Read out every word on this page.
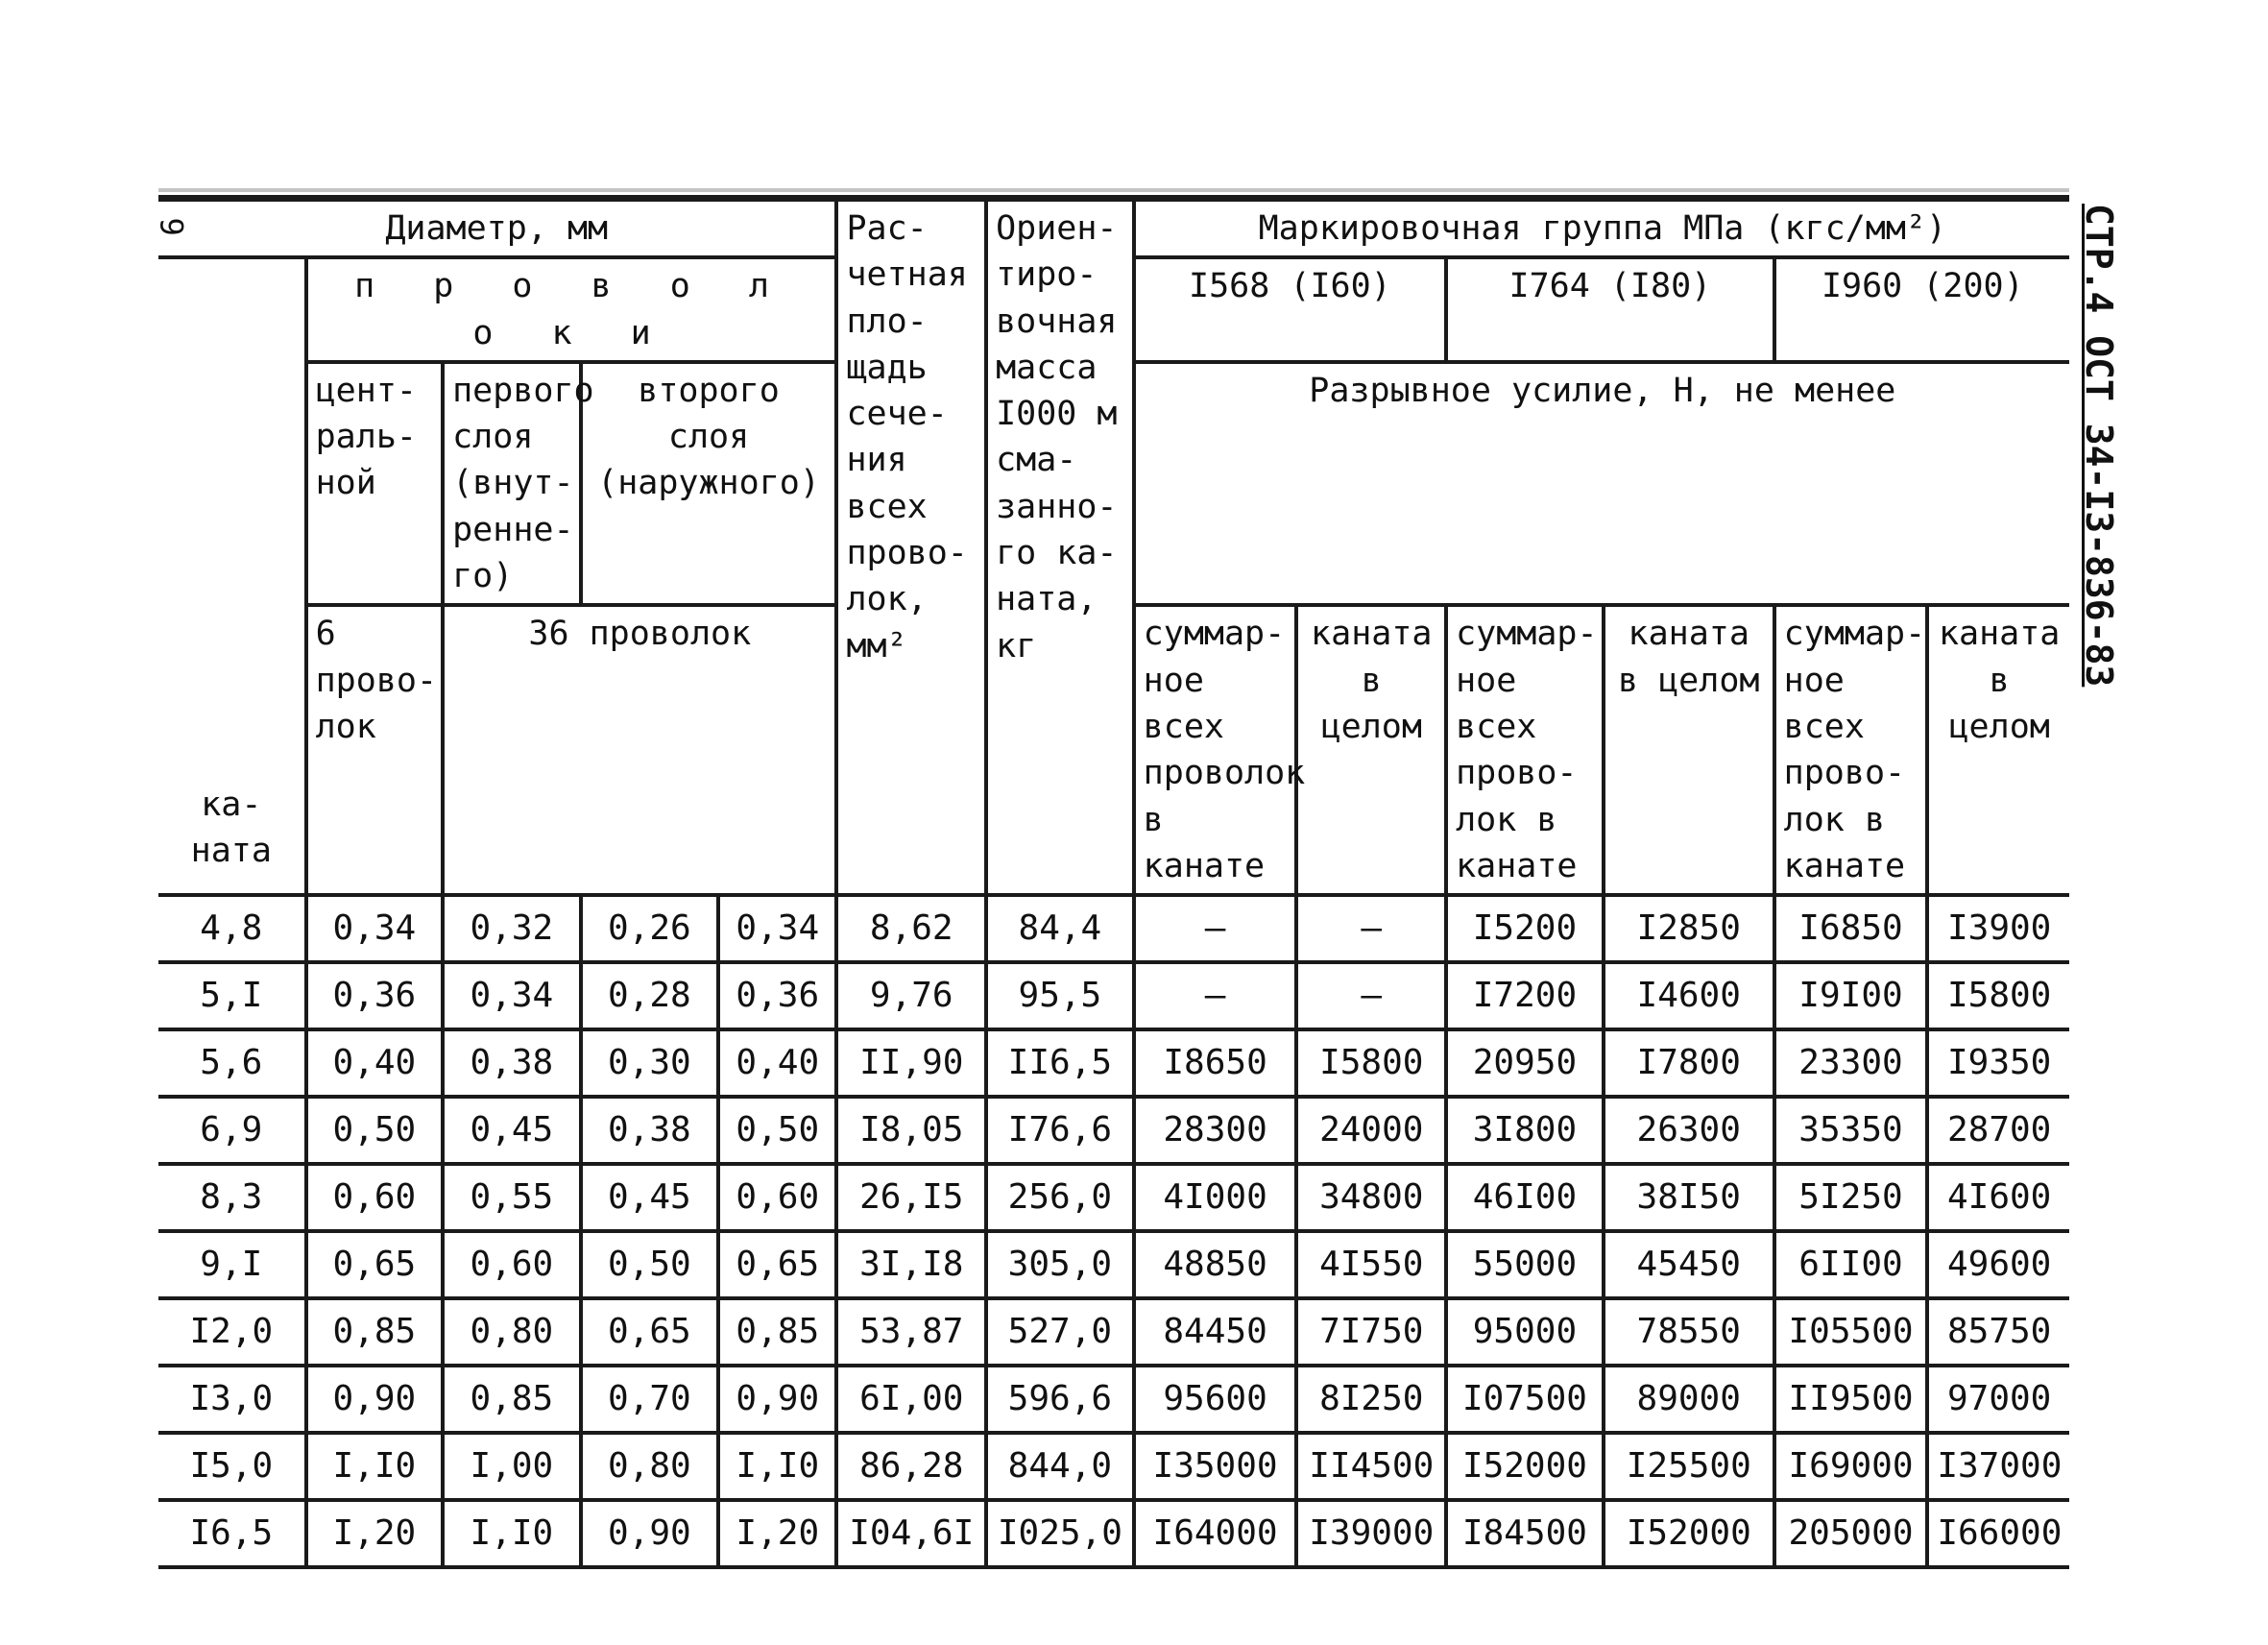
СТР.4 ОСТ 34-I3-836-83
9 Диаметр, мм					Рас- четная пло- щадь сече- ния всех прово- лок, мм²	Ориен- тиро- вочная масса I000 м сма- занно- го ка- ната, кг	Маркировочная группа МПа (кгс/мм²)					
ка- ната	п р о в о л о к и						I568 (I60)		I764 (I80)		I960 (200)	
	цент- раль- ной	первого слоя (внут- ренне- го)	второго слоя (наружного)				Разрывное усилие, Н, не менее					
	6 прово- лок	36 проволок					суммар- ное всех проволок в канате	каната в целом	суммар- ное всех прово- лок в канате	каната в целом	суммар- ное всех прово- лок в канате	каната в целом
4,8	0,34	0,32	0,26	0,34	8,62	84,4	–	–	I5200	I2850	I6850	I3900
5,I	0,36	0,34	0,28	0,36	9,76	95,5	–	–	I7200	I4600	I9I00	I5800
5,6	0,40	0,38	0,30	0,40	II,90	II6,5	I8650	I5800	20950	I7800	23300	I9350
6,9	0,50	0,45	0,38	0,50	I8,05	I76,6	28300	24000	3I800	26300	35350	28700
8,3	0,60	0,55	0,45	0,60	26,I5	256,0	4I000	34800	46I00	38I50	5I250	4I600
9,I	0,65	0,60	0,50	0,65	3I,I8	305,0	48850	4I550	55000	45450	6II00	49600
I2,0	0,85	0,80	0,65	0,85	53,87	527,0	84450	7I750	95000	78550	I05500	85750
I3,0	0,90	0,85	0,70	0,90	6I,00	596,6	95600	8I250	I07500	89000	II9500	97000
I5,0	I,I0	I,00	0,80	I,I0	86,28	844,0	I35000	II4500	I52000	I25500	I69000	I37000
I6,5	I,20	I,I0	0,90	I,20	I04,6I	I025,0	I64000	I39000	I84500	I52000	205000	I66000
